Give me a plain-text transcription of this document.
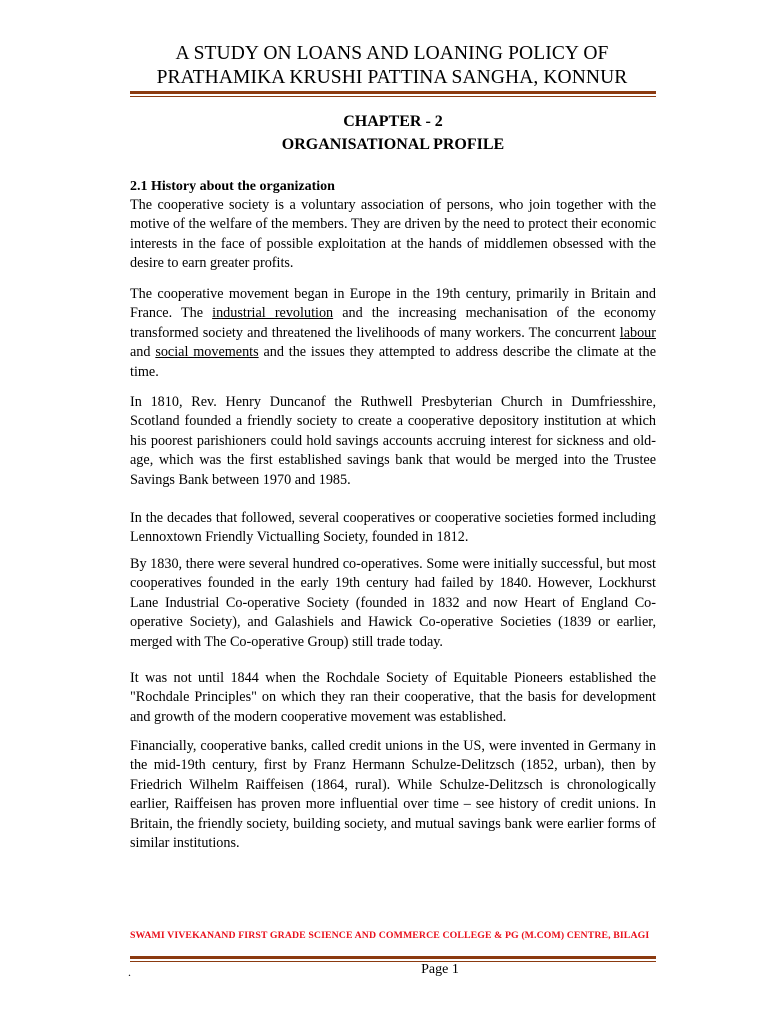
A STUDY ON LOANS AND LOANING POLICY OF
PRATHAMIKA KRUSHI PATTINA SANGHA, KONNUR
CHAPTER - 2
ORGANISATIONAL PROFILE
2.1 History about the organization

The cooperative society is a voluntary association of persons, who join together with the motive of the welfare of the members. They are driven by the need to protect their economic interests in the face of possible exploitation at the hands of middlemen obsessed with the desire to earn greater profits.

The cooperative movement began in Europe in the 19th century, primarily in Britain and France. The industrial revolution and the increasing mechanisation of the economy transformed society and threatened the livelihoods of many workers. The concurrent labour and social movements and the issues they attempted to address describe the climate at the time.

In 1810, Rev. Henry Duncanof the Ruthwell Presbyterian Church in Dumfriesshire, Scotland founded a friendly society to create a cooperative depository institution at which his poorest parishioners could hold savings accounts accruing interest for sickness and old-age, which was the first established savings bank that would be merged into the Trustee Savings Bank between 1970 and 1985.

In the decades that followed, several cooperatives or cooperative societies formed including Lennoxtown Friendly Victualling Society, founded in 1812.

By 1830, there were several hundred co-operatives. Some were initially successful, but most cooperatives founded in the early 19th century had failed by 1840. However, Lockhurst Lane Industrial Co-operative Society (founded in 1832 and now Heart of England Co-operative Society), and Galashiels and Hawick Co-operative Societies (1839 or earlier, merged with The Co-operative Group) still trade today.

It was not until 1844 when the Rochdale Society of Equitable Pioneers established the "Rochdale Principles" on which they ran their cooperative, that the basis for development and growth of the modern cooperative movement was established.

Financially, cooperative banks, called credit unions in the US, were invented in Germany in the mid-19th century, first by Franz Hermann Schulze-Delitzsch (1852, urban), then by Friedrich Wilhelm Raiffeisen (1864, rural). While Schulze-Delitzsch is chronologically earlier, Raiffeisen has proven more influential over time – see history of credit unions. In Britain, the friendly society, building society, and mutual savings bank were earlier forms of similar institutions.

SWAMI VIVEKANAND FIRST GRADE SCIENCE AND COMMERCE COLLEGE & PG (M.COM) CENTRE, BILAGI
.	Page 1
